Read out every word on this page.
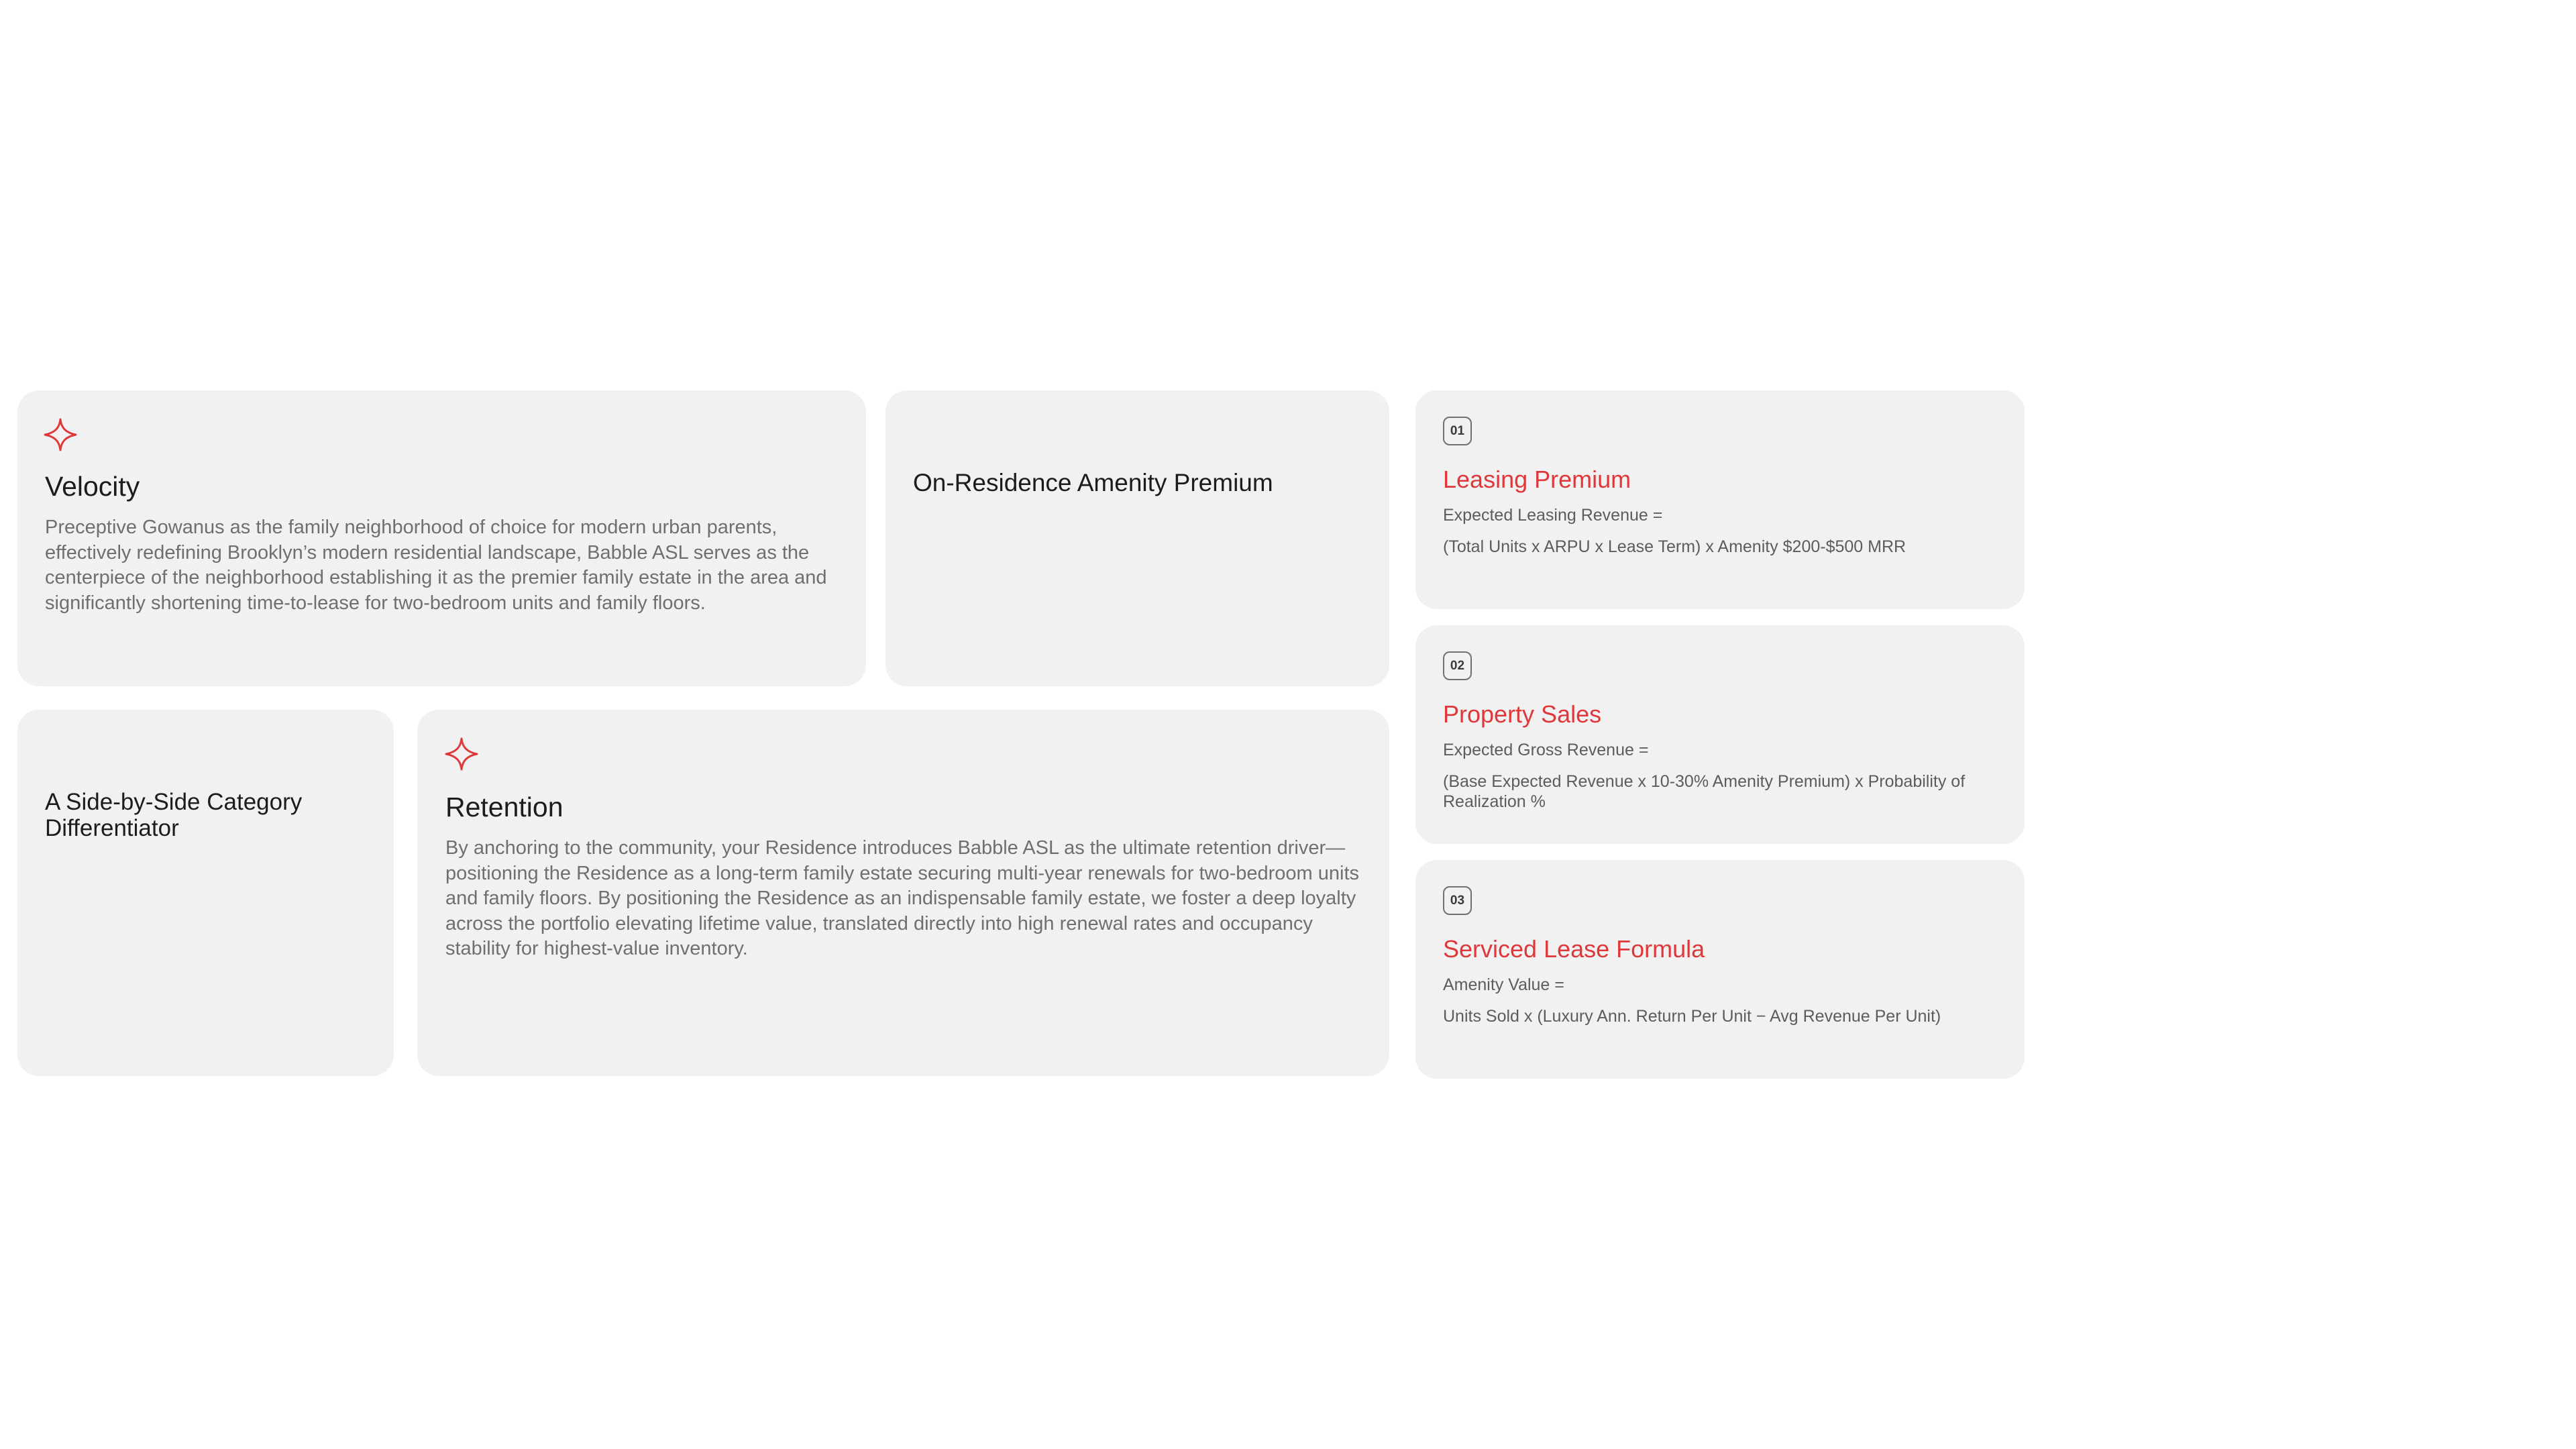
Velocity

Preceptive Gowanus as the family neighborhood of choice for modern urban parents, effectively redefining Brooklyn’s modern residential landscape, Babble ASL serves as the centerpiece of the neighborhood establishing it as the premier family estate in the area and significantly shortening time-to-lease for two-bedroom units and family floors.

On-Residence Amenity Premium
A Side-by-Side Category Differentiator
Retention

By anchoring to the community, your Residence introduces Babble ASL as the ultimate retention driver—positioning the Residence as a long-term family estate securing multi-year renewals for two-bedroom units and family floors. By positioning the Residence as an indispensable family estate, we foster a deep loyalty across the portfolio elevating lifetime value, translated directly into high renewal rates and occupancy stability for highest-value inventory.

01
Leasing Premium

Expected Leasing Revenue =

(Total Units x ARPU x Lease Term) x Amenity $200-$500 MRR

02
Property Sales

Expected Gross Revenue =

(Base Expected Revenue x 10-30% Amenity Premium) x Probability of Realization %

03
Serviced Lease Formula

Amenity Value =

Units Sold x (Luxury Ann. Return Per Unit − Avg Revenue Per Unit)
